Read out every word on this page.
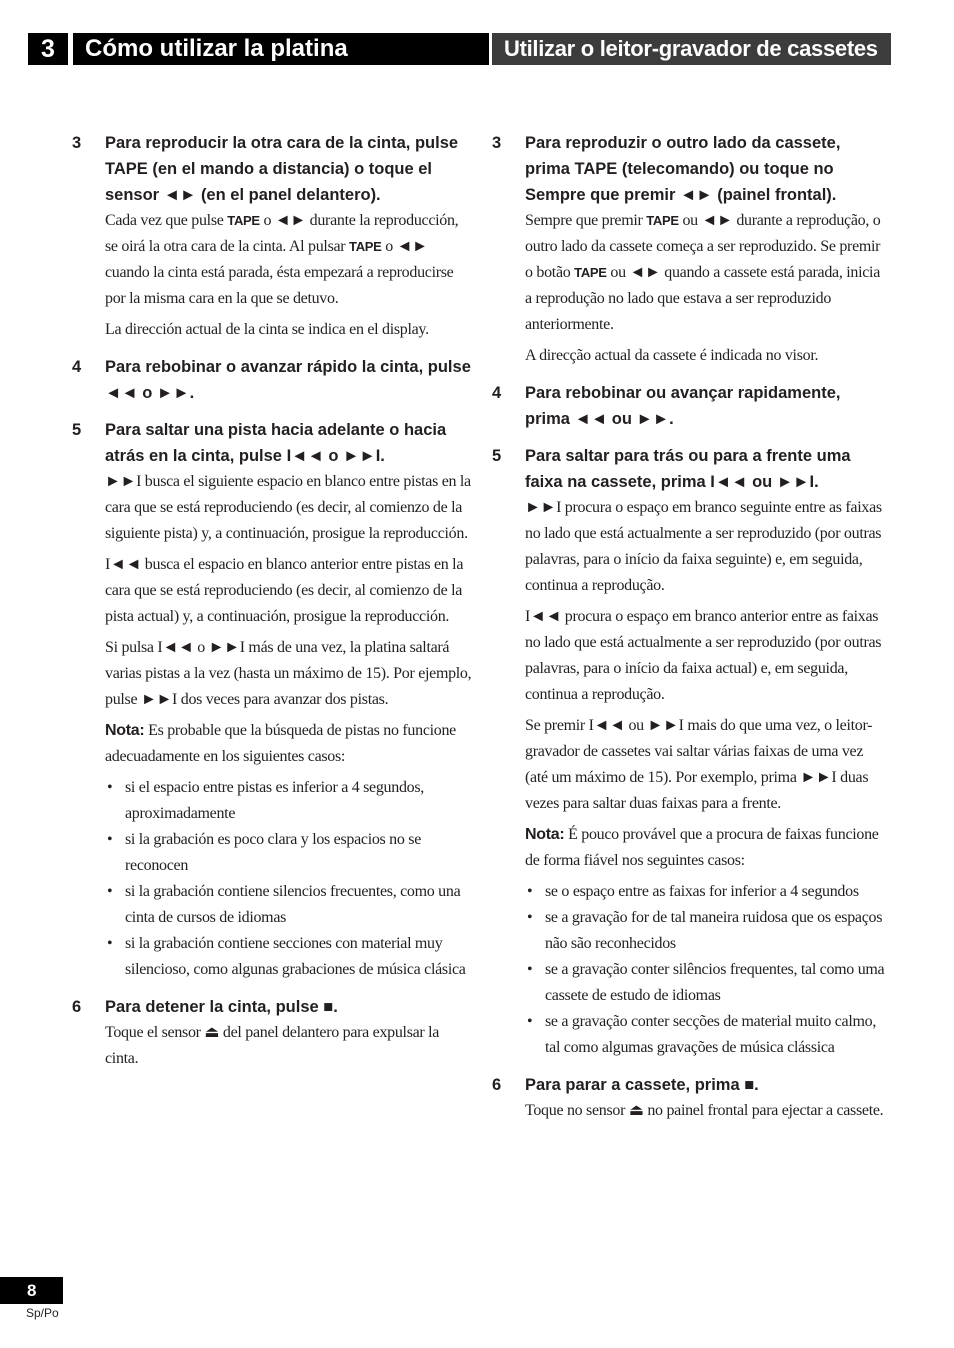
3	Cómo utilizar la platina	Utilizar o leitor-gravador de cassetes
3 Para reproducir la otra cara de la cinta, pulse TAPE (en el mando a distancia) o toque el sensor ◄► (en el panel delantero).

Cada vez que pulse TAPE o ◄► durante la reproducción, se oirá la otra cara de la cinta. Al pulsar TAPE o ◄► cuando la cinta está parada, ésta empezará a reproducirse por la misma cara en la que se detuvo.

La dirección actual de la cinta se indica en el display.

4 Para rebobinar o avanzar rápido la cinta, pulse ◄◄ o ►►.

5 Para saltar una pista hacia adelante o hacia atrás en la cinta, pulse I◄◄ o ►►I.

►►I busca el siguiente espacio en blanco entre pistas en la cara que se está reproduciendo (es decir, al comienzo de la siguiente pista) y, a continuación, prosigue la reproducción.

I◄◄ busca el espacio en blanco anterior entre pistas en la cara que se está reproduciendo (es decir, al comienzo de la pista actual) y, a continuación, prosigue la reproducción.

Si pulsa I◄◄ o ►►I más de una vez, la platina saltará varias pistas a la vez (hasta un máximo de 15). Por ejemplo, pulse ►►I dos veces para avanzar dos pistas.

Nota: Es probable que la búsqueda de pistas no funcione adecuadamente en los siguientes casos:

• si el espacio entre pistas es inferior a 4 segundos, aproximadamente
• si la grabación es poco clara y los espacios no se reconocen
• si la grabación contiene silencios frecuentes, como una cinta de cursos de idiomas
• si la grabación contiene secciones con material muy silencioso, como algunas grabaciones de música clásica
6 Para detener la cinta, pulse ■.

Toque el sensor ⏏ del panel delantero para expulsar la cinta.

3 Para reproduzir o outro lado da cassete, prima TAPE (telecomando) ou toque no Sempre que premir ◄► (painel frontal).

Sempre que premir TAPE ou ◄► durante a reprodução, o outro lado da cassete começa a ser reproduzido. Se premir o botão TAPE ou ◄► quando a cassete está parada, inicia a reprodução no lado que estava a ser reproduzido anteriormente.

A direcção actual da cassete é indicada no visor.

4 Para rebobinar ou avançar rapidamente, prima ◄◄ ou ►►.

5 Para saltar para trás ou para a frente uma faixa na cassete, prima I◄◄ ou ►►I.

►►I procura o espaço em branco seguinte entre as faixas no lado que está actualmente a ser reproduzido (por outras palavras, para o início da faixa seguinte) e, em seguida, continua a reprodução.

I◄◄ procura o espaço em branco anterior entre as faixas no lado que está actualmente a ser reproduzido (por outras palavras, para o início da faixa actual) e, em seguida, continua a reprodução.

Se premir I◄◄ ou ►►I mais do que uma vez, o leitor-gravador de cassetes vai saltar várias faixas de uma vez (até um máximo de 15). Por exemplo, prima ►►I duas vezes para saltar duas faixas para a frente.

Nota: É pouco provável que a procura de faixas funcione de forma fiável nos seguintes casos:

• se o espaço entre as faixas for inferior a 4 segundos
• se a gravação for de tal maneira ruidosa que os espaços não são reconhecidos
• se a gravação conter silêncios frequentes, tal como uma cassete de estudo de idiomas
• se a gravação conter secções de material muito calmo, tal como algumas gravações de música clássica
6 Para parar a cassete, prima ■.

Toque no sensor ⏏ no painel frontal para ejectar a cassete.

8
Sp/Po
